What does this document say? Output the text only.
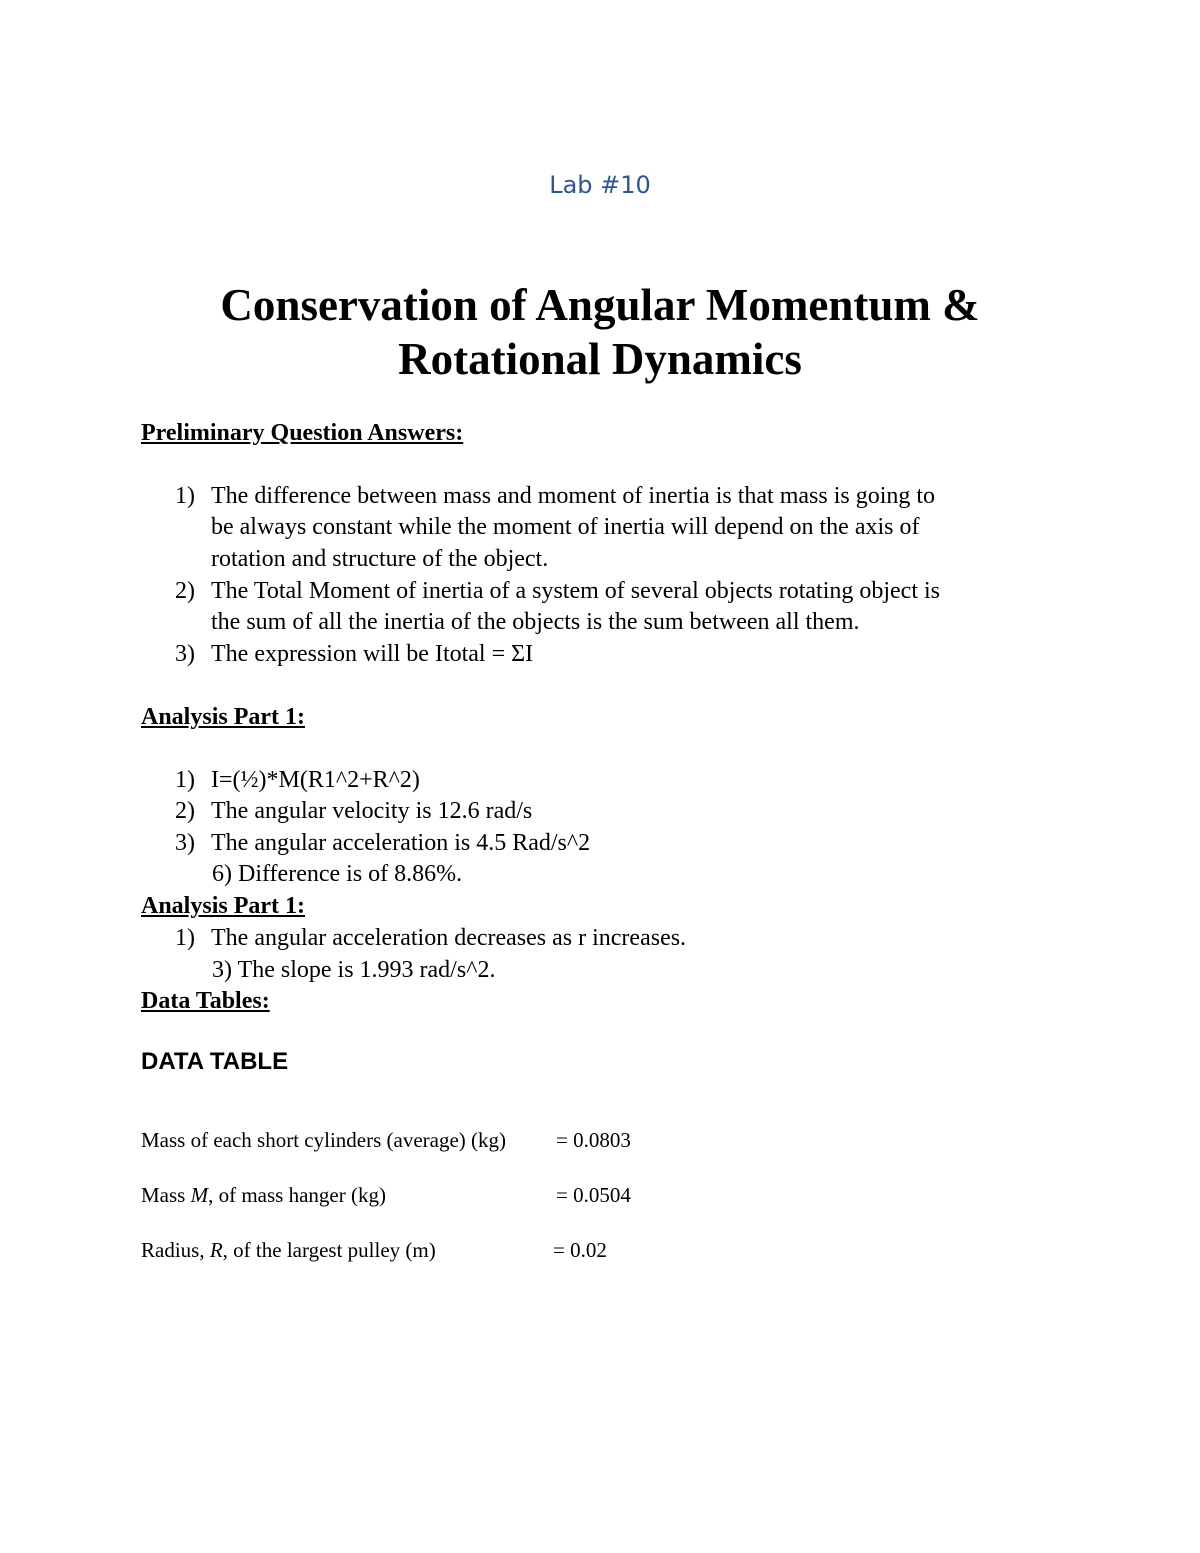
Lab #10
Conservation of Angular Momentum &
Rotational Dynamics
Preliminary Question Answers:
1) The difference between mass and moment of inertia is that mass is going to
be always constant while the moment of inertia will depend on the axis of
rotation and structure of the object.
2) The Total Moment of inertia of a system of several objects rotating object is
the sum of all the inertia of the objects is the sum between all them.
3) The expression will be Itotal = ΣI
Analysis Part 1:
1) I=(½)*M(R1^2+R^2)
2) The angular velocity is 12.6 rad/s
3) The angular acceleration is 4.5 Rad/s^2
6) Difference is of 8.86%.
Analysis Part 1:
1) The angular acceleration decreases as r increases.
3) The slope is 1.993 rad/s^2.
Data Tables:
DATA TABLE
Mass of each short cylinders (average) (kg) = 0.0803
Mass M, of mass hanger (kg)	= 0.0504
Radius, R, of the largest pulley (m)	= 0.02
